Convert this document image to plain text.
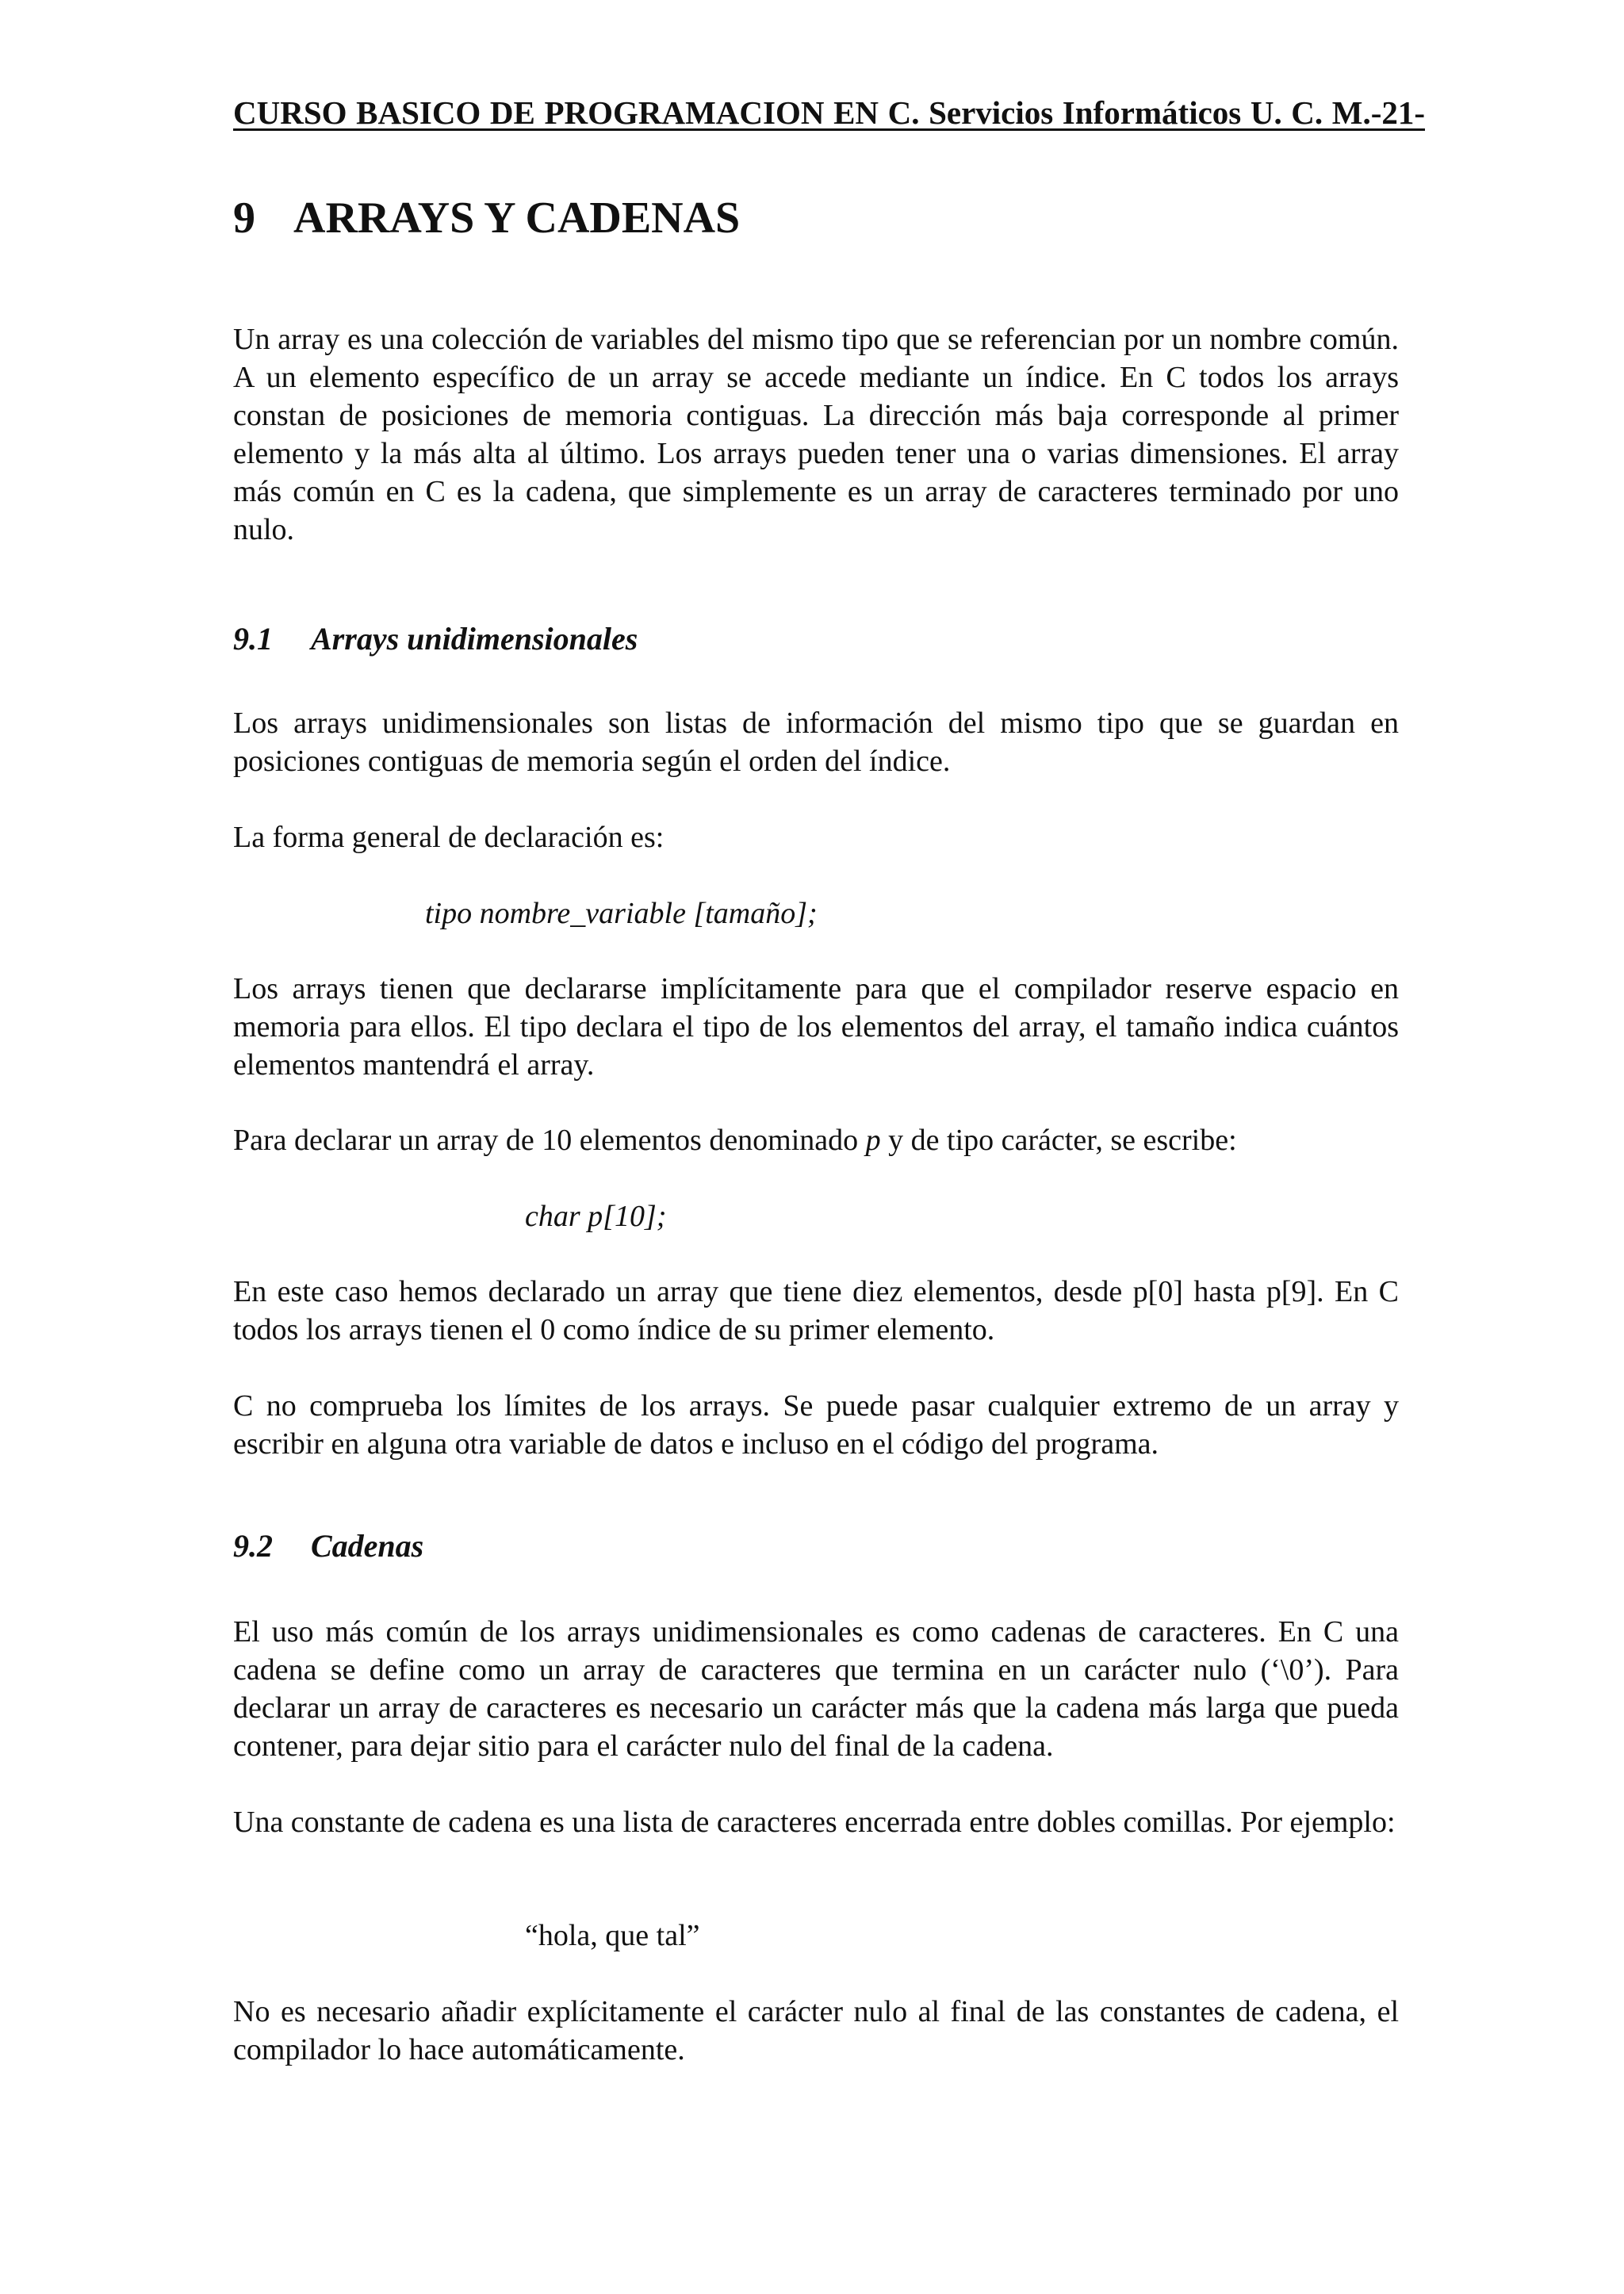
CURSO BASICO DE PROGRAMACION EN C. Servicios Informáticos U. C. M.-21-
9 ARRAYS Y CADENAS

Un array es una colección de variables del mismo tipo que se referencian por un nombre común. A un elemento específico de un array se accede mediante un índice. En C todos los arrays constan de posiciones de memoria contiguas. La dirección más baja corresponde al primer elemento y la más alta al último. Los arrays pueden tener una o varias dimensiones. El array más común en C es la cadena, que simplemente es un array de caracteres terminado por uno nulo.

9.1 Arrays unidimensionales

Los arrays unidimensionales son listas de información del mismo tipo que se guardan en posiciones contiguas de memoria según el orden del índice.

La forma general de declaración es:

tipo nombre_variable [tamaño];

Los arrays tienen que declararse implícitamente para que el compilador reserve espacio en memoria para ellos. El tipo declara el tipo de los elementos del array, el tamaño indica cuántos elementos mantendrá el array.

Para declarar un array de 10 elementos denominado p y de tipo carácter, se escribe:

char p[10];

En este caso hemos declarado un array que tiene diez elementos, desde p[0] hasta p[9]. En C todos los arrays tienen el 0 como índice de su primer elemento.

C no comprueba los límites de los arrays. Se puede pasar cualquier extremo de un array y escribir en alguna otra variable de datos e incluso en el código del programa.

9.2 Cadenas

El uso más común de los arrays unidimensionales es como cadenas de caracteres. En C una cadena se define como un array de caracteres que termina en un carácter nulo (‘\0’). Para declarar un array de caracteres es necesario un carácter más que la cadena más larga que pueda contener, para dejar sitio para el carácter nulo del final de la cadena.

Una constante de cadena es una lista de caracteres encerrada entre dobles comillas. Por ejemplo:

“hola, que tal”

No es necesario añadir explícitamente el carácter nulo al final de las constantes de cadena, el compilador lo hace automáticamente.
